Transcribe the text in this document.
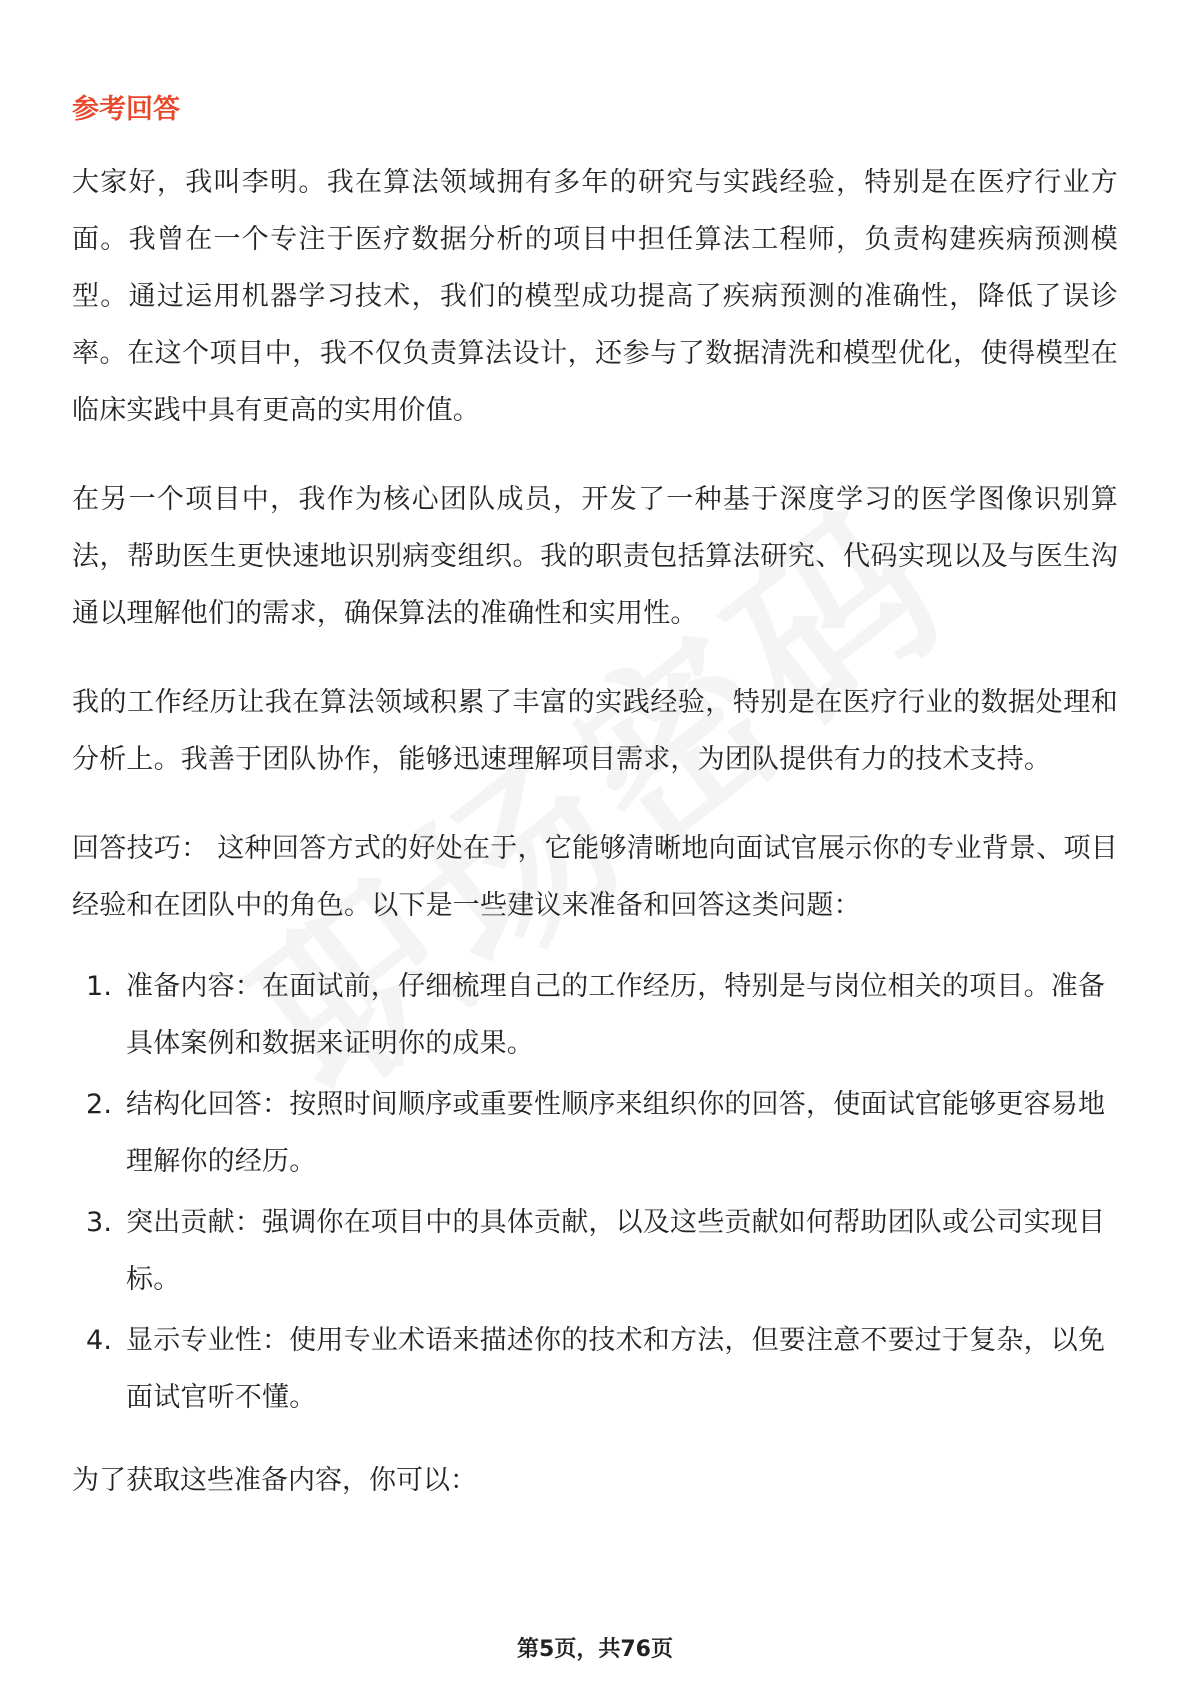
参考回答

大家好，我叫李明。我在算法领域拥有多年的研究与实践经验，特别是在医疗行业方面。我曾在一个专注于医疗数据分析的项目中担任算法工程师，负责构建疾病预测模型。通过运用机器学习技术，我们的模型成功提高了疾病预测的准确性，降低了误诊率。在这个项目中，我不仅负责算法设计，还参与了数据清洗和模型优化，使得模型在临床实践中具有更高的实用价值。

在另一个项目中，我作为核心团队成员，开发了一种基于深度学习的医学图像识别算法，帮助医生更快速地识别病变组织。我的职责包括算法研究、代码实现以及与医生沟通以理解他们的需求，确保算法的准确性和实用性。

我的工作经历让我在算法领域积累了丰富的实践经验，特别是在医疗行业的数据处理和分析上。我善于团队协作，能够迅速理解项目需求，为团队提供有力的技术支持。

回答技巧： 这种回答方式的好处在于，它能够清晰地向面试官展示你的专业背景、项目经验和在团队中的角色。以下是一些建议来准备和回答这类问题：

1. 准备内容：在面试前，仔细梳理自己的工作经历，特别是与岗位相关的项目。准备具体案例和数据来证明你的成果。
2. 结构化回答：按照时间顺序或重要性顺序来组织你的回答，使面试官能够更容易地理解你的经历。
3. 突出贡献：强调你在项目中的具体贡献，以及这些贡献如何帮助团队或公司实现目标。
4. 显示专业性：使用专业术语来描述你的技术和方法，但要注意不要过于复杂，以免面试官听不懂。

为了获取这些准备内容，你可以：

第5页，共76页
